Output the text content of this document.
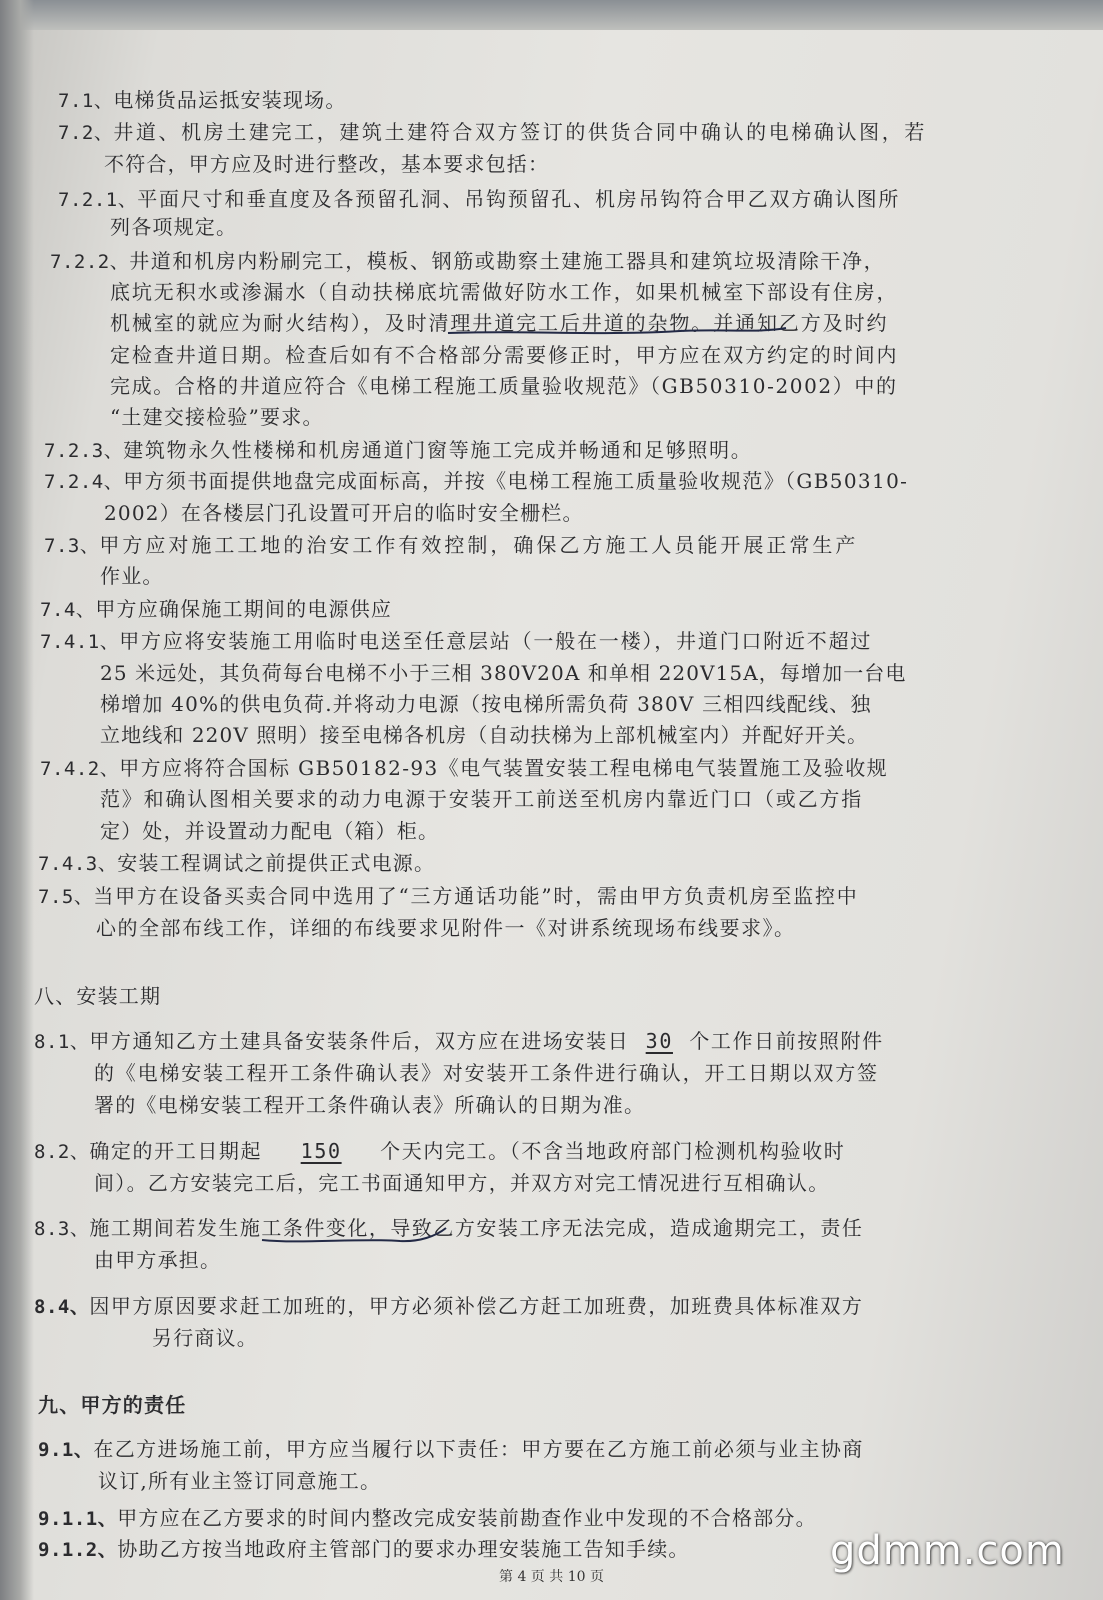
7.1、电梯货品运抵安装现场。
7.2、井道、机房土建完工，建筑土建符合双方签订的供货合同中确认的电梯确认图，若
不符合，甲方应及时进行整改，基本要求包括：
7.2.1、平面尺寸和垂直度及各预留孔洞、吊钩预留孔、机房吊钩符合甲乙双方确认图所
列各项规定。
7.2.2、井道和机房内粉刷完工，模板、钢筋或勘察土建施工器具和建筑垃圾清除干净，
底坑无积水或渗漏水（自动扶梯底坑需做好防水工作，如果机械室下部设有住房，
机械室的就应为耐火结构），及时清理井道完工后井道的杂物。并通知乙方及时约
定检查井道日期。检查后如有不合格部分需要修正时，甲方应在双方约定的时间内
完成。合格的井道应符合《电梯工程施工质量验收规范》（GB50310-2002）中的
“土建交接检验”要求。
7.2.3、建筑物永久性楼梯和机房通道门窗等施工完成并畅通和足够照明。
7.2.4、甲方须书面提供地盘完成面标高，并按《电梯工程施工质量验收规范》（GB50310-
2002）在各楼层门孔设置可开启的临时安全栅栏。
7.3、甲方应对施工工地的治安工作有效控制，确保乙方施工人员能开展正常生产
作业。
7.4、甲方应确保施工期间的电源供应
7.4.1、甲方应将安装施工用临时电送至任意层站（一般在一楼），井道门口附近不超过
25 米远处，其负荷每台电梯不小于三相 380V20A 和单相 220V15A，每增加一台电
梯增加 40%的供电负荷.并将动力电源（按电梯所需负荷 380V 三相四线配线、独
立地线和 220V 照明）接至电梯各机房（自动扶梯为上部机械室内）并配好开关。
7.4.2、甲方应将符合国标 GB50182-93《电气装置安装工程电梯电气装置施工及验收规
范》和确认图相关要求的动力电源于安装开工前送至机房内靠近门口（或乙方指
定）处，并设置动力配电（箱）柜。
7.4.3、安装工程调试之前提供正式电源。
7.5、当甲方在设备买卖合同中选用了“三方通话功能”时，需由甲方负责机房至监控中
心的全部布线工作，详细的布线要求见附件一《对讲系统现场布线要求》。
八、安装工期
8.1、甲方通知乙方土建具备安装条件后，双方应在进场安装日 30 个工作日前按照附件
的《电梯安装工程开工条件确认表》对安装开工条件进行确认，开工日期以双方签
署的《电梯安装工程开工条件确认表》所确认的日期为准。
8.2、确定的开工日期起 150 个天内完工。（不含当地政府部门检测机构验收时
间）。乙方安装完工后，完工书面通知甲方，并双方对完工情况进行互相确认。
8.3、施工期间若发生施工条件变化，导致乙方安装工序无法完成，造成逾期完工，责任
由甲方承担。
8.4、因甲方原因要求赶工加班的，甲方必须补偿乙方赶工加班费，加班费具体标准双方
另行商议。
九、甲方的责任
9.1、在乙方进场施工前，甲方应当履行以下责任：甲方要在乙方施工前必须与业主协商
议订,所有业主签订同意施工。
9.1.1、甲方应在乙方要求的时间内整改完成安装前勘查作业中发现的不合格部分。
9.1.2、协助乙方按当地政府主管部门的要求办理安装施工告知手续。
第 4 页 共 10 页
gdmm.com
